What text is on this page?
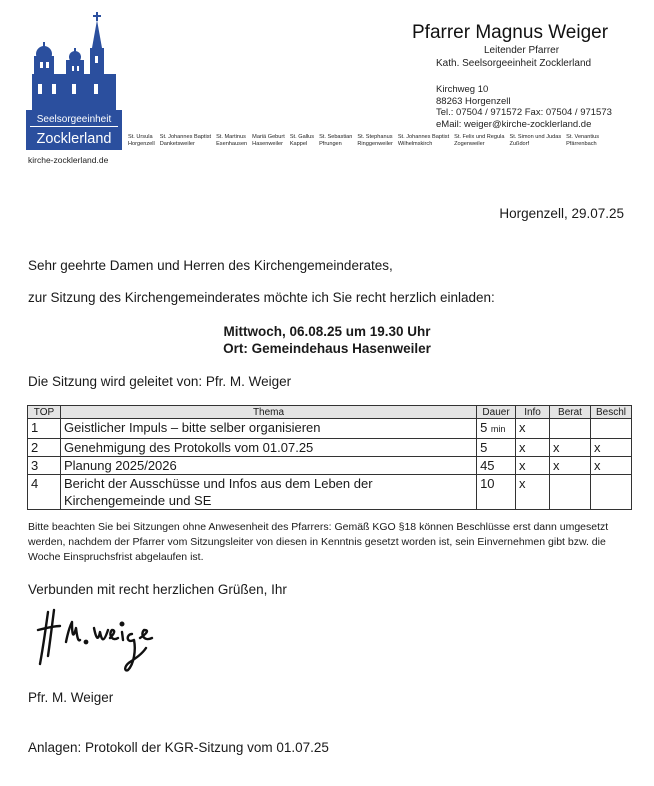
Seelsorgeeinheit
Zocklerland
kirche-zocklerland.de
Pfarrer Magnus Weiger
Leitender Pfarrer
Kath. Seelsorgeeinheit Zocklerland
Kirchweg 10
88263 Horgenzell
Tel.: 07504 / 971572 Fax: 07504 / 971573
eMail: weiger@kirche-zocklerland.de
St. Ursula
Horgenzell
St. Johannes Baptist
Danketsweiler
St. Martinus
Esenhausen
Mariä Geburt
Hasenweiler
St. Gallus
Kappel
St. Sebastian
Pfrungen
St. Stephanus
Ringgenweiler
St. Johannes Baptist
Wilhelmskirch
St. Felix und Regula
Zogenweiler
St. Simon und Judas
Zußdorf
St. Venantius
Pfärrenbach
Horgenzell, 29.07.25
Sehr geehrte Damen und Herren des Kirchengemeinderates,
zur Sitzung des Kirchengemeinderates möchte ich Sie recht herzlich einladen:
Mittwoch, 06.08.25 um 19.30 Uhr
Ort: Gemeindehaus Hasenweiler
Die Sitzung wird geleitet von: Pfr. M. Weiger
TOP	Thema	Dauer	Info	Berat	Beschl
1	Geistlicher Impuls – bitte selber organisieren	5 min	x		
2	Genehmigung des Protokolls vom 01.07.25	5	x	x	x
3	Planung 2025/2026	45	x	x	x
4	Bericht der Ausschüsse und Infos aus dem Leben der Kirchengemeinde und SE	10	x		
Bitte beachten Sie bei Sitzungen ohne Anwesenheit des Pfarrers: Gemäß KGO §18 können Beschlüsse erst dann umgesetzt werden, nachdem der Pfarrer vom Sitzungsleiter von diesen in Kenntnis gesetzt worden ist, sein Einvernehmen gibt bzw. die Woche Einspruchsfrist abgelaufen ist.
Verbunden mit recht herzlichen Grüßen, Ihr
Pfr. M. Weiger
Anlagen: Protokoll der KGR-Sitzung vom 01.07.25
